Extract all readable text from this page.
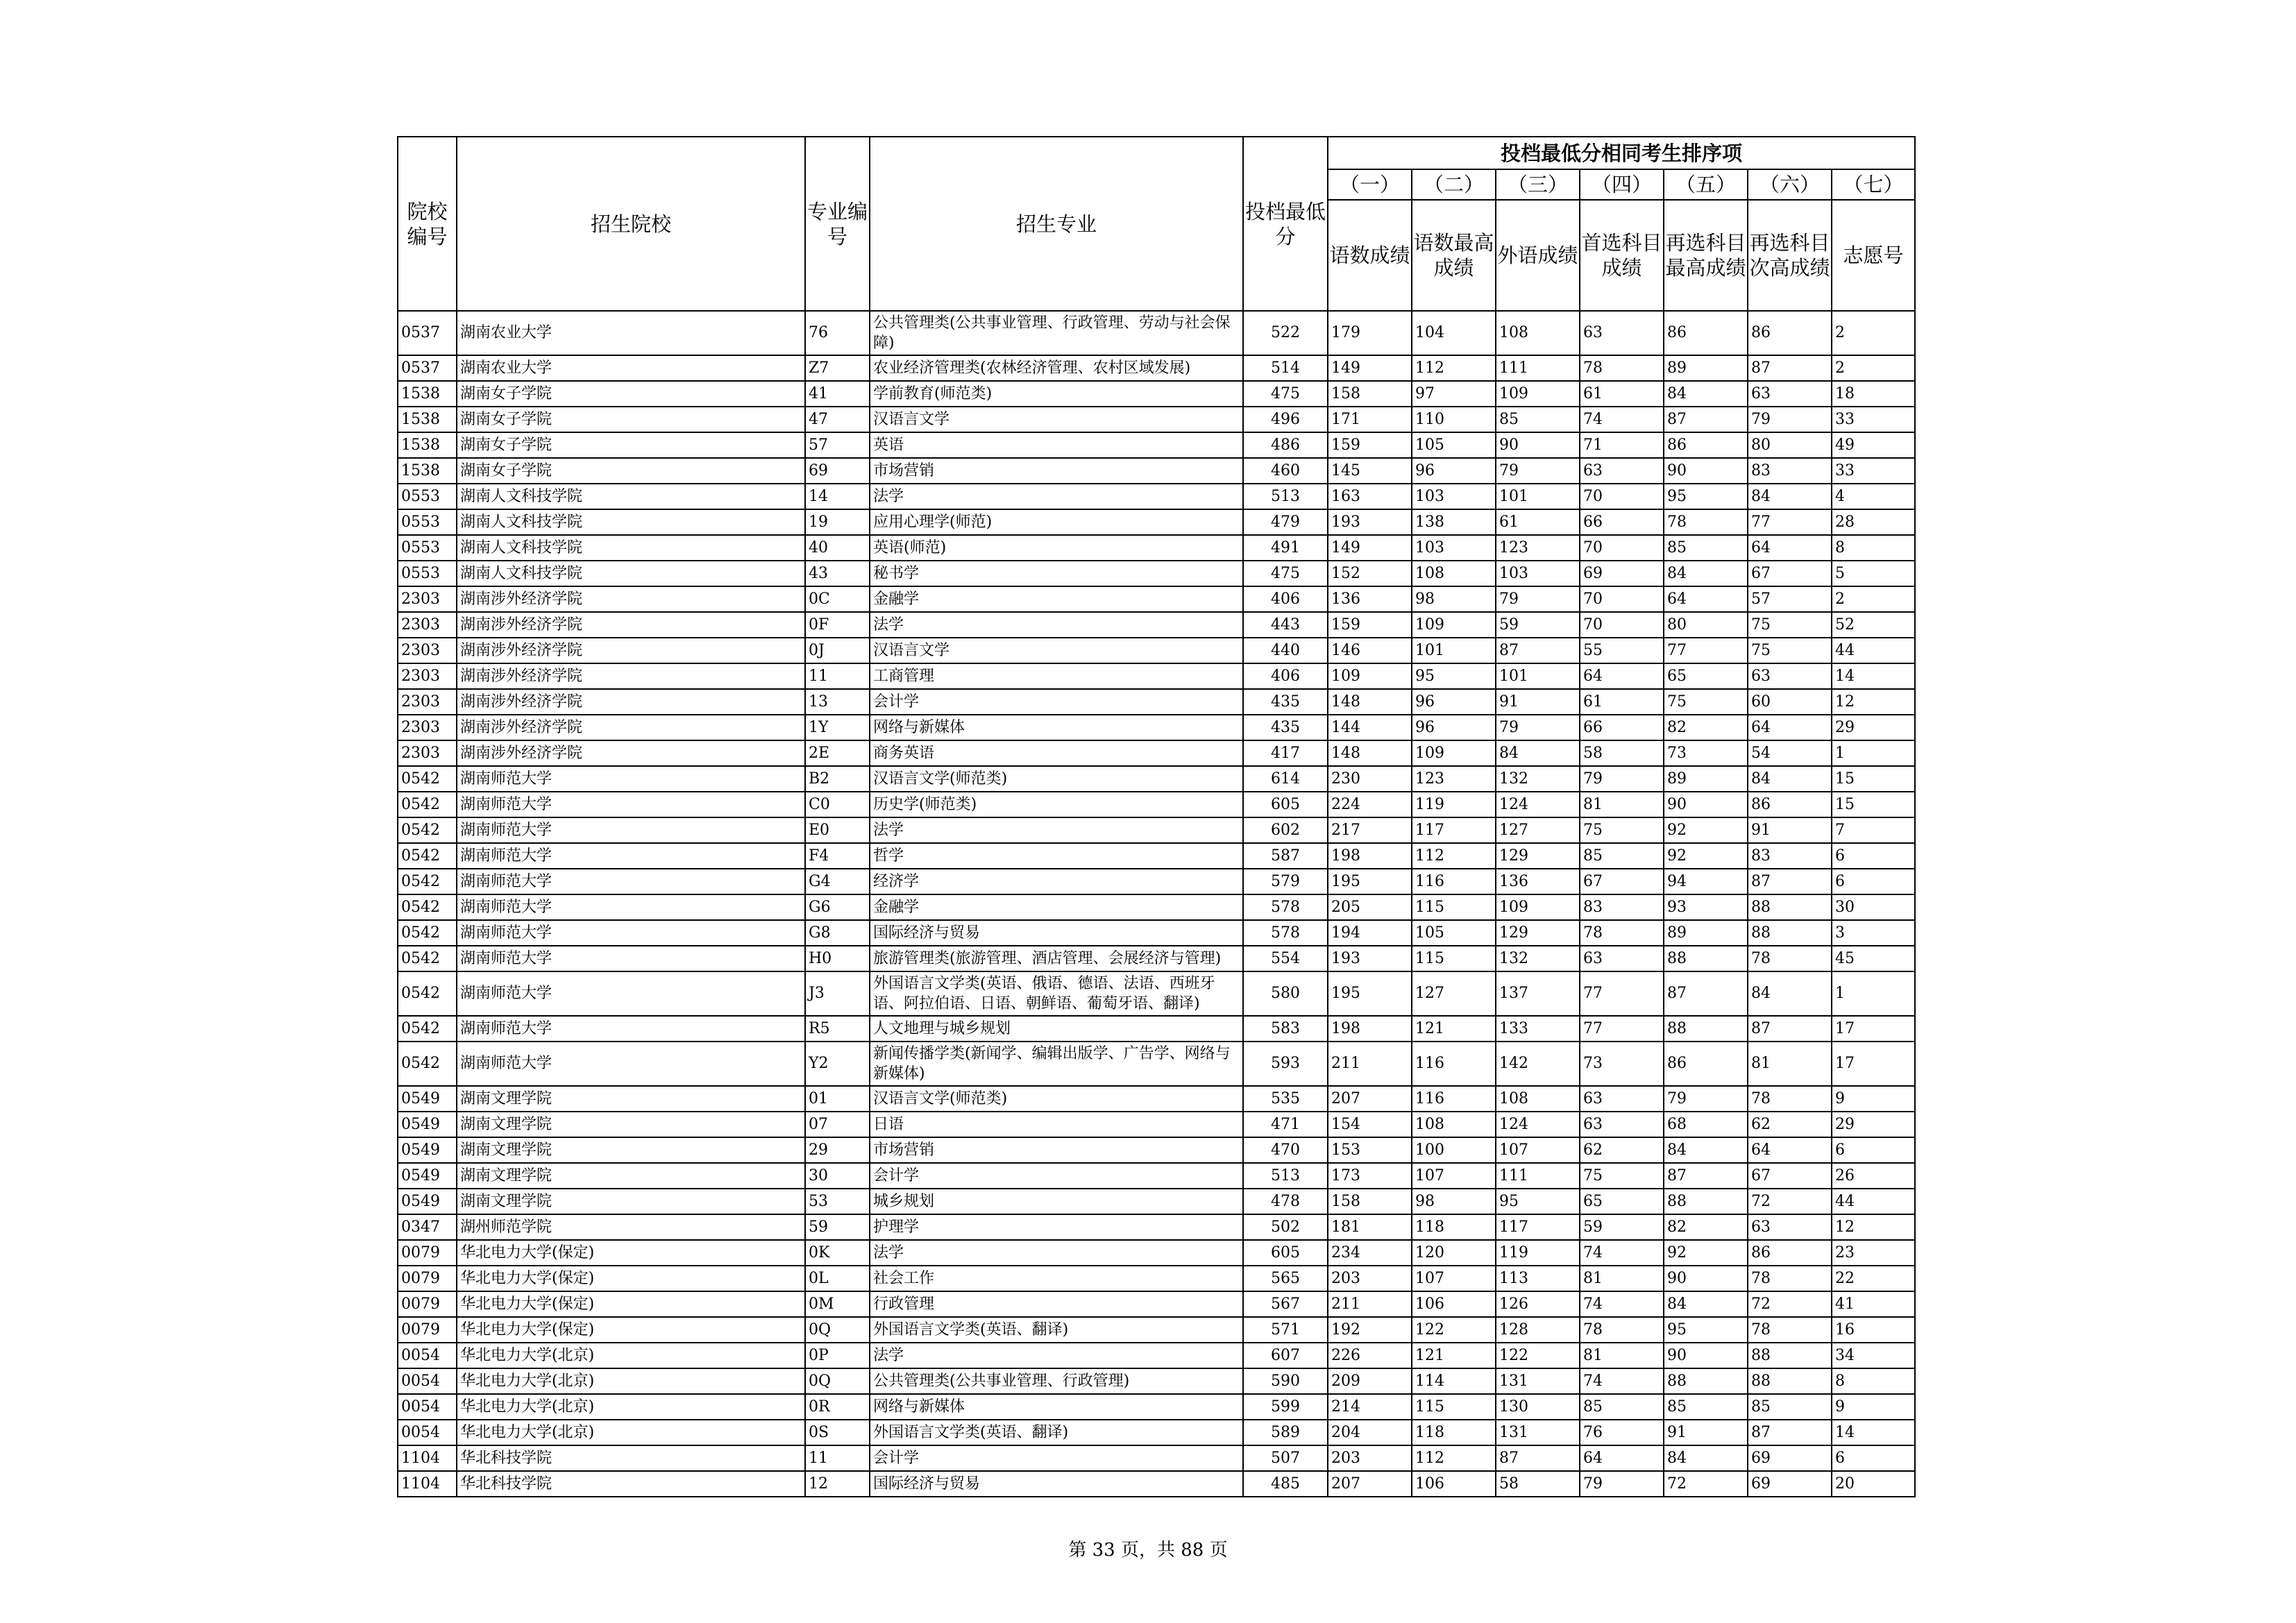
院校编号	招生院校	专业编号	招生专业	投档最低分	投档最低分相同考生排序项						
					（一）	（二）	（三）	（四）	（五）	（六）	（七）
					语数成绩	语数最高成绩	外语成绩	首选科目成绩	再选科目最高成绩	再选科目次高成绩	志愿号
0537	湖南农业大学	76	公共管理类(公共事业管理、行政管理、劳动与社会保障)	522	179	104	108	63	86	86	2
0537	湖南农业大学	Z7	农业经济管理类(农林经济管理、农村区域发展)	514	149	112	111	78	89	87	2
1538	湖南女子学院	41	学前教育(师范类)	475	158	97	109	61	84	63	18
1538	湖南女子学院	47	汉语言文学	496	171	110	85	74	87	79	33
1538	湖南女子学院	57	英语	486	159	105	90	71	86	80	49
1538	湖南女子学院	69	市场营销	460	145	96	79	63	90	83	33
0553	湖南人文科技学院	14	法学	513	163	103	101	70	95	84	4
0553	湖南人文科技学院	19	应用心理学(师范)	479	193	138	61	66	78	77	28
0553	湖南人文科技学院	40	英语(师范)	491	149	103	123	70	85	64	8
0553	湖南人文科技学院	43	秘书学	475	152	108	103	69	84	67	5
2303	湖南涉外经济学院	0C	金融学	406	136	98	79	70	64	57	2
2303	湖南涉外经济学院	0F	法学	443	159	109	59	70	80	75	52
2303	湖南涉外经济学院	0J	汉语言文学	440	146	101	87	55	77	75	44
2303	湖南涉外经济学院	11	工商管理	406	109	95	101	64	65	63	14
2303	湖南涉外经济学院	13	会计学	435	148	96	91	61	75	60	12
2303	湖南涉外经济学院	1Y	网络与新媒体	435	144	96	79	66	82	64	29
2303	湖南涉外经济学院	2E	商务英语	417	148	109	84	58	73	54	1
0542	湖南师范大学	B2	汉语言文学(师范类)	614	230	123	132	79	89	84	15
0542	湖南师范大学	C0	历史学(师范类)	605	224	119	124	81	90	86	15
0542	湖南师范大学	E0	法学	602	217	117	127	75	92	91	7
0542	湖南师范大学	F4	哲学	587	198	112	129	85	92	83	6
0542	湖南师范大学	G4	经济学	579	195	116	136	67	94	87	6
0542	湖南师范大学	G6	金融学	578	205	115	109	83	93	88	30
0542	湖南师范大学	G8	国际经济与贸易	578	194	105	129	78	89	88	3
0542	湖南师范大学	H0	旅游管理类(旅游管理、酒店管理、会展经济与管理)	554	193	115	132	63	88	78	45
0542	湖南师范大学	J3	外国语言文学类(英语、俄语、德语、法语、西班牙语、阿拉伯语、日语、朝鲜语、葡萄牙语、翻译)	580	195	127	137	77	87	84	1
0542	湖南师范大学	R5	人文地理与城乡规划	583	198	121	133	77	88	87	17
0542	湖南师范大学	Y2	新闻传播学类(新闻学、编辑出版学、广告学、网络与新媒体)	593	211	116	142	73	86	81	17
0549	湖南文理学院	01	汉语言文学(师范类)	535	207	116	108	63	79	78	9
0549	湖南文理学院	07	日语	471	154	108	124	63	68	62	29
0549	湖南文理学院	29	市场营销	470	153	100	107	62	84	64	6
0549	湖南文理学院	30	会计学	513	173	107	111	75	87	67	26
0549	湖南文理学院	53	城乡规划	478	158	98	95	65	88	72	44
0347	湖州师范学院	59	护理学	502	181	118	117	59	82	63	12
0079	华北电力大学(保定)	0K	法学	605	234	120	119	74	92	86	23
0079	华北电力大学(保定)	0L	社会工作	565	203	107	113	81	90	78	22
0079	华北电力大学(保定)	0M	行政管理	567	211	106	126	74	84	72	41
0079	华北电力大学(保定)	0Q	外国语言文学类(英语、翻译)	571	192	122	128	78	95	78	16
0054	华北电力大学(北京)	0P	法学	607	226	121	122	81	90	88	34
0054	华北电力大学(北京)	0Q	公共管理类(公共事业管理、行政管理)	590	209	114	131	74	88	88	8
0054	华北电力大学(北京)	0R	网络与新媒体	599	214	115	130	85	85	85	9
0054	华北电力大学(北京)	0S	外国语言文学类(英语、翻译)	589	204	118	131	76	91	87	14
1104	华北科技学院	11	会计学	507	203	112	87	64	84	69	6
1104	华北科技学院	12	国际经济与贸易	485	207	106	58	79	72	69	20
第 33 页，共 88 页
